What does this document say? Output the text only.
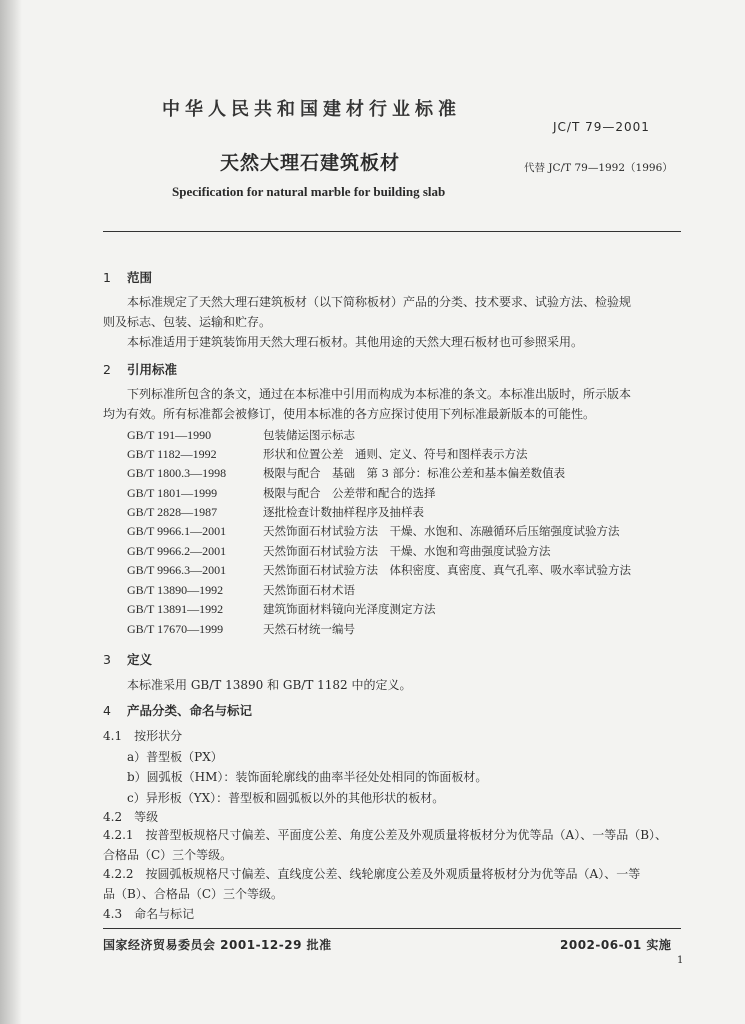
中华人民共和国建材行业标准
JC/T 79—2001
天然大理石建筑板材	代替 JC/T 79—1992（1996）
Specification for natural marble for building slab
1 范围
本标准规定了天然大理石建筑板材（以下简称板材）产品的分类、技术要求、试验方法、检验规
则及标志、包装、运输和贮存。
本标准适用于建筑装饰用天然大理石板材。其他用途的天然大理石板材也可参照采用。
2 引用标准
下列标准所包含的条文，通过在本标准中引用而构成为本标准的条文。本标准出版时，所示版本
均为有效。所有标准都会被修订，使用本标准的各方应探讨使用下列标准最新版本的可能性。
GB/T 191—1990	包装储运图示标志
GB/T 1182—1992	形状和位置公差　通则、定义、符号和图样表示方法
GB/T 1800.3—1998	极限与配合　基础　第 3 部分：标准公差和基本偏差数值表
GB/T 1801—1999	极限与配合　公差带和配合的选择
GB/T 2828—1987	逐批检查计数抽样程序及抽样表
GB/T 9966.1—2001	天然饰面石材试验方法　干燥、水饱和、冻融循环后压缩强度试验方法
GB/T 9966.2—2001	天然饰面石材试验方法　干燥、水饱和弯曲强度试验方法
GB/T 9966.3—2001	天然饰面石材试验方法　体积密度、真密度、真气孔率、吸水率试验方法
GB/T 13890—1992	天然饰面石材术语
GB/T 13891—1992	建筑饰面材料镜向光泽度测定方法
GB/T 17670—1999	天然石材统一编号
3 定义
本标准采用 GB/T 13890 和 GB/T 1182 中的定义。
4 产品分类、命名与标记
4.1　按形状分
a）普型板（PX）
b）圆弧板（HM）：装饰面轮廓线的曲率半径处处相同的饰面板材。
c）异形板（YX）：普型板和圆弧板以外的其他形状的板材。
4.2　等级
4.2.1　按普型板规格尺寸偏差、平面度公差、角度公差及外观质量将板材分为优等品（A）、一等品（B）、
合格品（C）三个等级。
4.2.2　按圆弧板规格尺寸偏差、直线度公差、线轮廓度公差及外观质量将板材分为优等品（A）、一等
品（B）、合格品（C）三个等级。
4.3　命名与标记
国家经济贸易委员会 2001-12-29 批准	2002-06-01 实施
1
